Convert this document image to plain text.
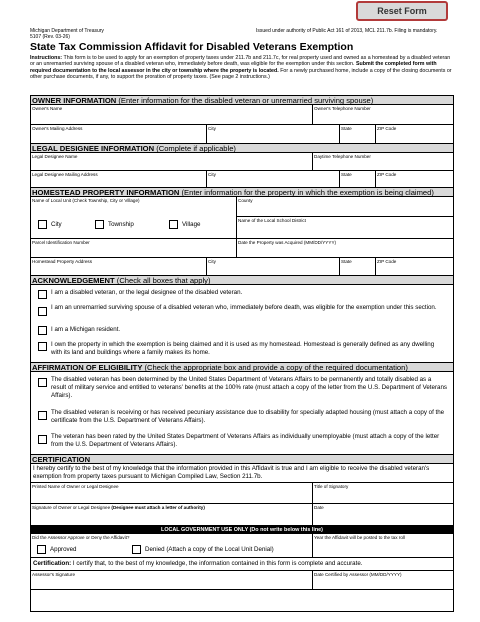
Reset Form
Michigan Department of Treasury
5107 (Rev. 03-26)
Issued under authority of Public Act 161 of 2013, MCL 211.7b. Filing is mandatory.
State Tax Commission Affidavit for Disabled Veterans Exemption
Instructions: This form is to be used to apply for an exemption of property taxes under 211.7b and 211.7c, for real property used and owned as a homestead by a disabled veteran or an unremarried surviving spouse of a disabled veteran who, immediately before death, was eligible for the exemption under this section. Submit the completed form with required documentation to the local assessor in the city or township where the property is located. For a newly purchased home, include a copy of the closing documents or other purchase documents, if any, to support the proration of property taxes. (See page 2 instructions.)
OWNER INFORMATION (Enter information for the disabled veteran or unremarried surviving spouse)
Owner's Name	Owner's Telephone Number
Owner's Mailing Address	City	State	ZIP Code
LEGAL DESIGNEE INFORMATION (Complete if applicable)
Legal Designee Name	Daytime Telephone Number
Legal Designee Mailing Address	City	State	ZIP Code
HOMESTEAD PROPERTY INFORMATION (Enter information for the property in which the exemption is being claimed)
Name of Local Unit (Check Township, City or Village)	County
Name of the Local School District
City	Township	Village
Parcel Identification Number	Date the Property was Acquired (MM/DD/YYYY)
Homestead Property Address	City	State	ZIP Code
ACKNOWLEDGEMENT (Check all boxes that apply)
I am a disabled veteran, or the legal designee of the disabled veteran.
I am an unremarried surviving spouse of a disabled veteran who, immediately before death, was eligible for the exemption under this section.
I am a Michigan resident.
I own the property in which the exemption is being claimed and it is used as my homestead. Homestead is generally defined as any dwelling with its land and buildings where a family makes its home.
AFFIRMATION OF ELIGIBILITY (Check the appropriate box and provide a copy of the required documentation)
The disabled veteran has been determined by the United States Department of Veterans Affairs to be permanently and totally disabled as a result of military service and entitled to veterans' benefits at the 100% rate (must attach a copy of the letter from the U.S. Department of Veterans Affairs).
The disabled veteran is receiving or has received pecuniary assistance due to disability for specially adapted housing (must attach a copy of the certificate from the U.S. Department of Veterans Affairs).
The veteran has been rated by the United States Department of Veterans Affairs as individually unemployable (must attach a copy of the letter from the U.S. Department of Veterans Affairs).
CERTIFICATION
I hereby certify to the best of my knowledge that the information provided in this Affidavit is true and I am eligible to receive the disabled veteran's exemption from property taxes pursuant to Michigan Compiled Law, Section 211.7b.
Printed Name of Owner or Legal Designee	Title of Signatory
Signature of Owner or Legal Designee (Designee must attach a letter of authority)	Date
LOCAL GOVERNMENT USE ONLY (Do not write below this line)
Did the Assessor Approve or Deny the Affidavit?	Year the Affidavit will be posted to the tax roll
Approved	Denied (Attach a copy of the Local Unit Denial)
Certification: I certify that, to the best of my knowledge, the information contained in this form is complete and accurate.
Assessor's Signature	Date Certified by Assessor (MM/DD/YYYY)
